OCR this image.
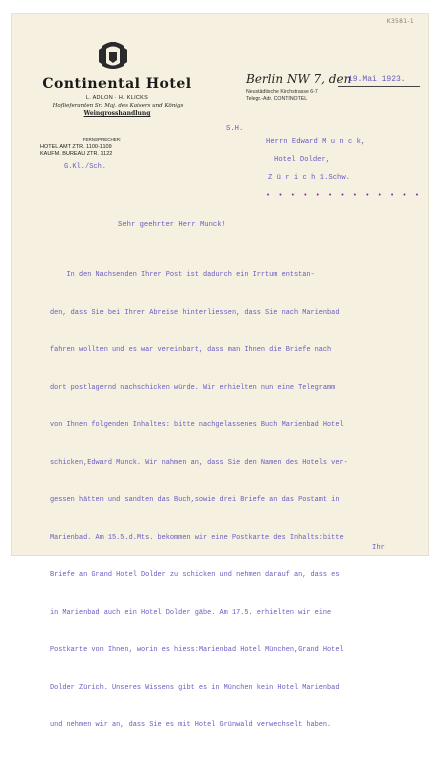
K3581-1
Continental Hotel
L. ADLON · H. KLICKS
Hoflieferanten Sr. Maj. des Kaisers und Königs
Weingrosshandlung
FERNSPRECHER:
HOTEL AMT ZTR. 1100-1109
KAUFM. BUREAU ZTR. 1122
G.Kl./Sch.
Berlin NW 7, den
19.Mai 1923.
Neustädtische Kirchstrasse 6-7
Telegr.-Adr. CONTINOTEL
S.H.
Herrn Edward M u n c k,
Hotel Dolder,
Z ü r i c h 1.Schw.
• • • • • • • • • • • • •
Sehr geehrter Herr Munck!

In den Nachsenden Ihrer Post ist dadurch ein Irrtum entstan-

den, dass Sie bei Ihrer Abreise hinterliessen, dass Sie nach Marienbad

fahren wollten und es war vereinbart, dass man Ihnen die Briefe nach

dort postlagernd nachschicken würde. Wir erhielten nun eine Telegramm

von Ihnen folgenden Inhaltes: bitte nachgelassenes Buch Marienbad Hotel

schicken,Edward Munck. Wir nahmen an, dass Sie den Namen des Hotels ver-

gessen hätten und sandten das Buch,sowie drei Briefe an das Postamt in

Marienbad. Am 15.5.d.Mts. bekommen wir eine Postkarte des Inhalts:bitte

Briefe an Grand Hotel Dolder zu schicken und nehmen darauf an, dass es

in Marienbad auch ein Hotel Dolder gäbe. Am 17.5. erhielten wir eine

Postkarte von Ihnen, worin es hiess:Marienbad Hotel München,Grand Hotel

Dolder Zürich. Unseres Wissens gibt es in München kein Hotel Marienbad

und nehmen wir an, dass Sie es mit Hotel Grünwald verwechselt haben.

Ihr
